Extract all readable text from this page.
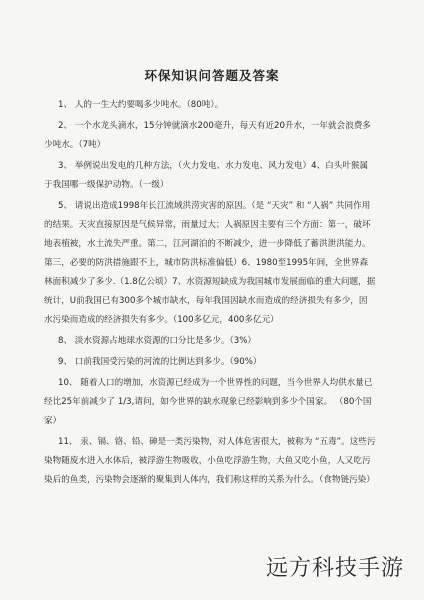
环保知识问答题及答案

1、 人的一生大约要喝多少吨水。（80吨）。

2、 一个水龙头滴水，15分钟就滴水200毫升，每天有近20升水，一年就会浪费多少吨水。（7吨）

3、 举例说出发电的几种方法，（火力发电、水力发电、风力发电）4、白头叶猴属于我国哪一级保护动物。（一级）

5、 请说出造成1998年长江流域洪涝灾害的原因。（是 “天灾” 和 “人祸” 共同作用的结果。天灾直接原因是气候异常，雨量过大；人祸原因主要有三个方面：第一，破坏地表植被，水土流失严重。第二，江河湖泊的不断减少，进一步降低了蓄洪泄洪能力。第三，必要的防洪措施跟不上，城市防洪标准偏低）6、1980至1995年间，全世界森林面积减少了多少.（1.8亿公顷）7、水资源短缺成为我国城市发展面临的重大问题，据统计，U前我国已有300多个城市缺水，每年我国因缺水而造成的经济损失有多少，因水污染而造成的经济损失有多少。（100多亿元，400多亿元）

8、 淡水资源占地球水资源的口分比是多少。（3%）

9、 口前我国受污染的河流的比例达到多少。（90%）

10、 随着人口的增加，水资源已经成为一个世界性的问题，当今世界人均供水量已经比25年前减少了 1/3,请问，如今世界的缺水现象已经影响到多少个国家。 （80个国家）

11、 汞、镉、铬、铅、砷是一类污染物，对人体危害很大，被称为 “五毒”。这些污染物随废水进入水体后，被浮游生物吸收，小鱼吃浮游生物，大鱼又吃小鱼，人又吃污染后的鱼类，污染物会逐渐的聚集到人体内，我们称这样的关系为什么。（食物链污染）

远方科技手游
